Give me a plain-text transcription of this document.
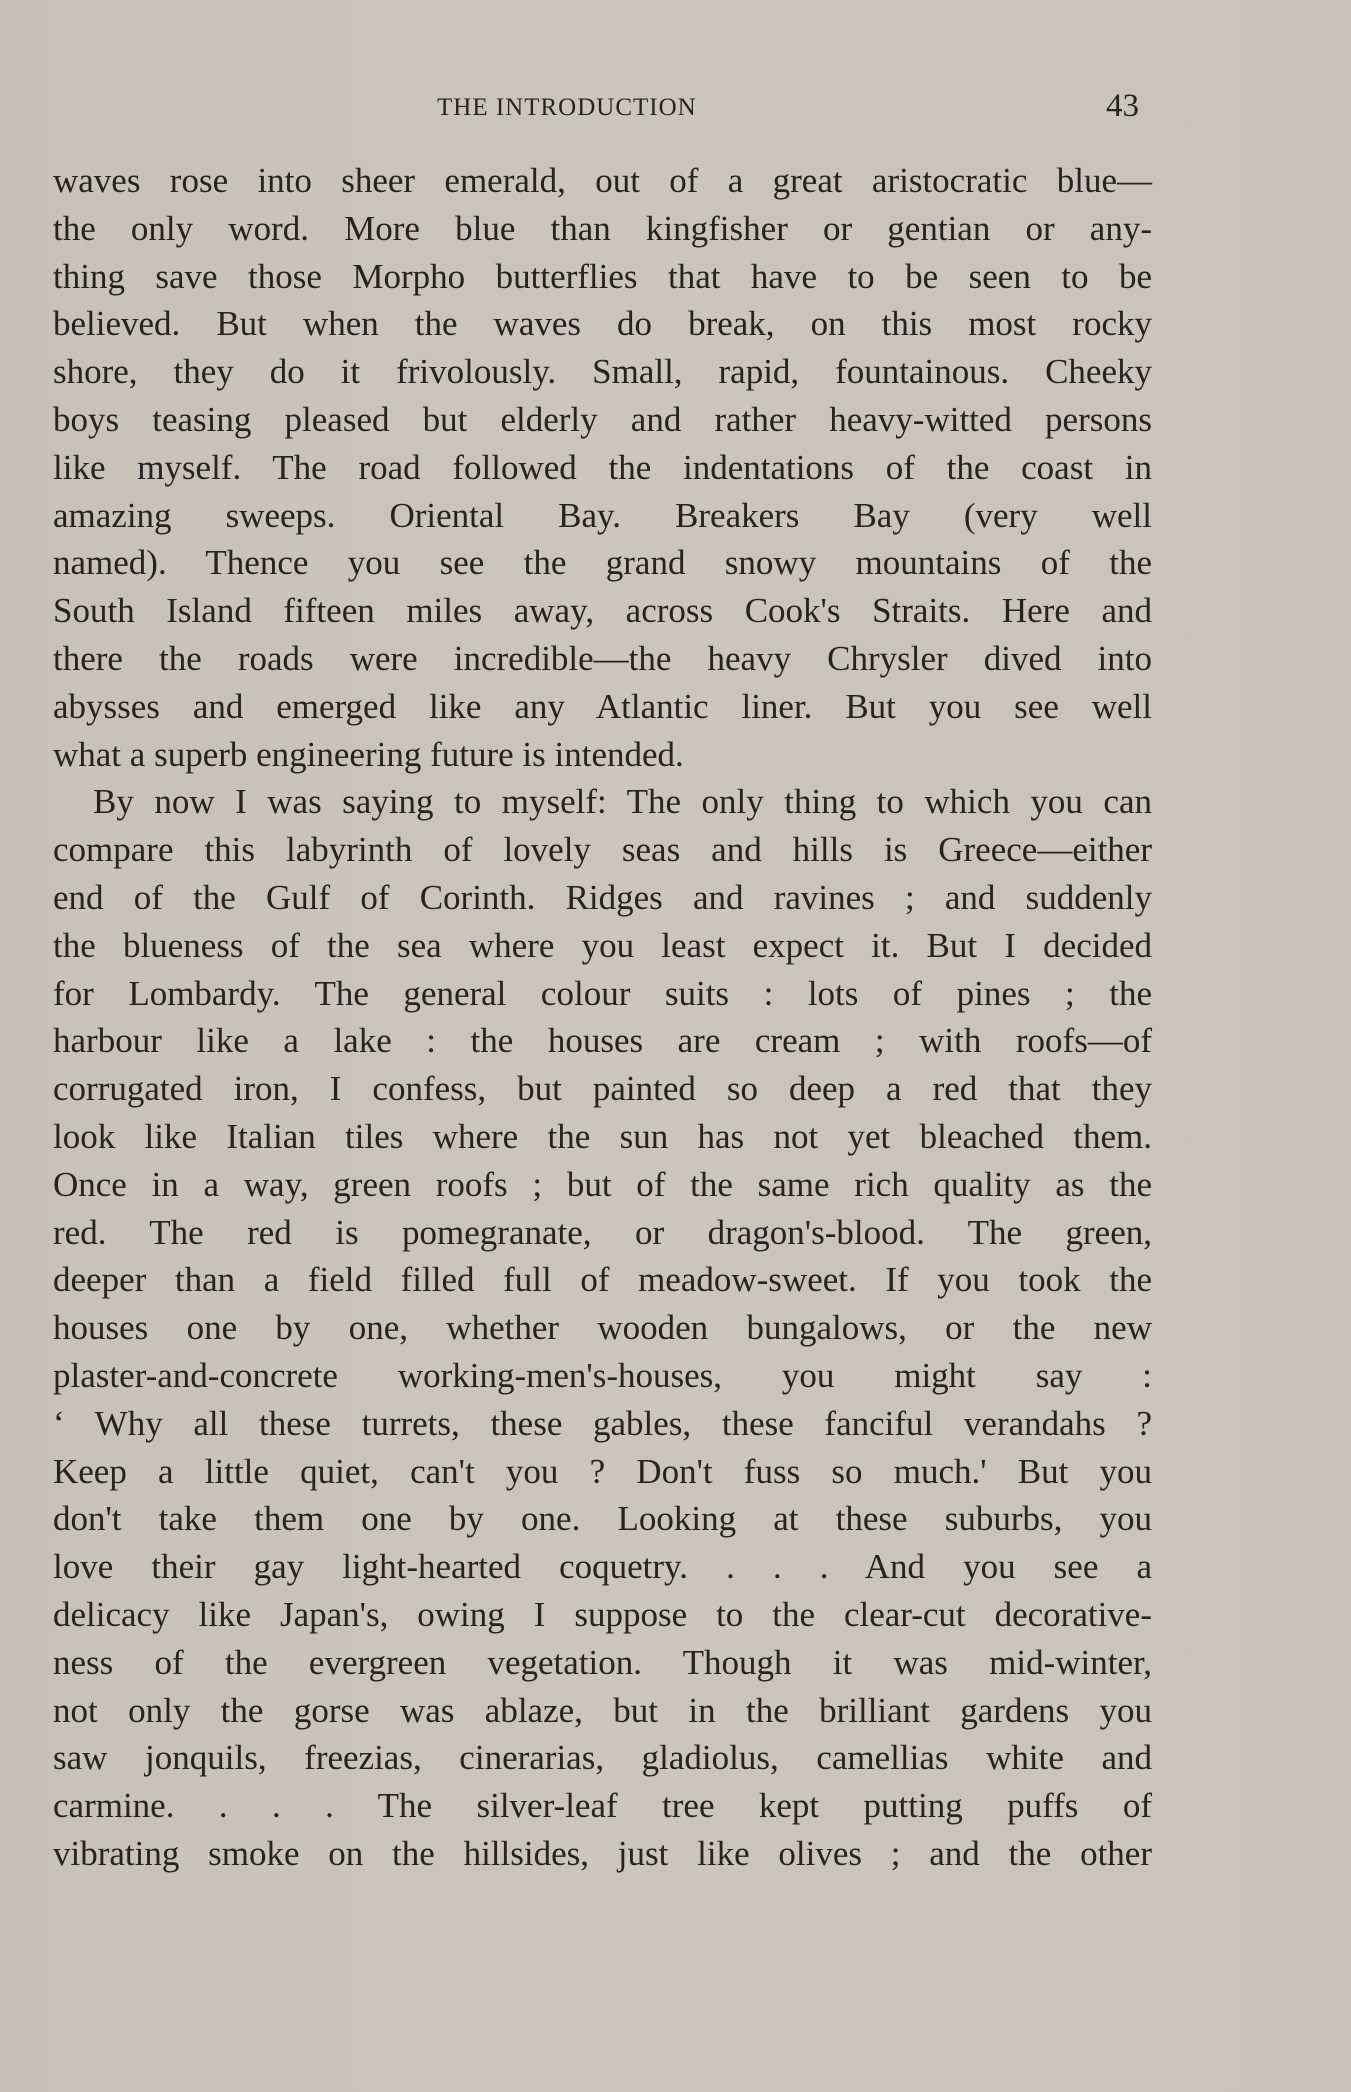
THE INTRODUCTION	43
waves rose into sheer emerald, out of a great aristocratic blue—
the only word. More blue than kingfisher or gentian or any-
thing save those Morpho butterflies that have to be seen to be
believed. But when the waves do break, on this most rocky
shore, they do it frivolously. Small, rapid, fountainous. Cheeky
boys teasing pleased but elderly and rather heavy-witted persons
like myself. The road followed the indentations of the coast in
amazing sweeps. Oriental Bay. Breakers Bay (very well
named). Thence you see the grand snowy mountains of the
South Island fifteen miles away, across Cook's Straits. Here and
there the roads were incredible—the heavy Chrysler dived into
abysses and emerged like any Atlantic liner. But you see well
what a superb engineering future is intended.
By now I was saying to myself: The only thing to which you can
compare this labyrinth of lovely seas and hills is Greece—either
end of the Gulf of Corinth. Ridges and ravines ; and suddenly
the blueness of the sea where you least expect it. But I decided
for Lombardy. The general colour suits : lots of pines ; the
harbour like a lake : the houses are cream ; with roofs—of
corrugated iron, I confess, but painted so deep a red that they
look like Italian tiles where the sun has not yet bleached them.
Once in a way, green roofs ; but of the same rich quality as the
red. The red is pomegranate, or dragon's-blood. The green,
deeper than a field filled full of meadow-sweet. If you took the
houses one by one, whether wooden bungalows, or the new
plaster-and-concrete working-men's-houses, you might say :
‘ Why all these turrets, these gables, these fanciful verandahs ?
Keep a little quiet, can't you ? Don't fuss so much.' But you
don't take them one by one. Looking at these suburbs, you
love their gay light-hearted coquetry. . . . And you see a
delicacy like Japan's, owing I suppose to the clear-cut decorative-
ness of the evergreen vegetation. Though it was mid-winter,
not only the gorse was ablaze, but in the brilliant gardens you
saw jonquils, freezias, cinerarias, gladiolus, camellias white and
carmine. . . . The silver-leaf tree kept putting puffs of
vibrating smoke on the hillsides, just like olives ; and the other
